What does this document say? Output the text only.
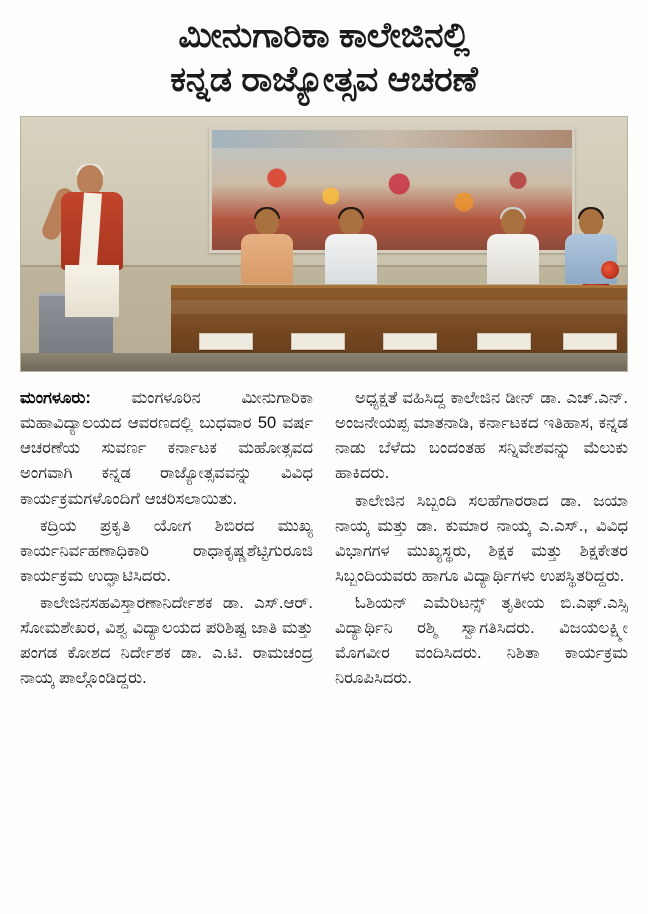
ಮೀನುಗಾರಿಕಾ ಕಾಲೇಜಿನಲ್ಲಿ
ಕನ್ನಡ ರಾಜ್ಯೋತ್ಸವ ಆಚರಣೆ

ಮಂಗಳೂರು: ಮಂಗಳೂರಿನ ಮೀನುಗಾರಿಕಾ ಮಹಾವಿದ್ಯಾಲಯದ ಆವರಣದಲ್ಲಿ ಬುಧವಾರ 50 ವರ್ಷ ಆಚರಣೆಯ ಸುವರ್ಣ ಕರ್ನಾಟಕ ಮಹೋತ್ಸವದ ಅಂಗವಾಗಿ ಕನ್ನಡ ರಾಜ್ಯೋತ್ಸವವನ್ನು ವಿವಿಧ ಕಾರ್ಯಕ್ರಮಗಳೊಂದಿಗೆ ಆಚರಿಸಲಾಯಿತು.

ಕದ್ರಿಯ ಪ್ರಕೃತಿ ಯೋಗ ಶಿಬಿರದ ಮುಖ್ಯ ಕಾರ್ಯನಿರ್ವಹಣಾಧಿಕಾರಿ ರಾಧಾಕೃಷ್ಣಶೆಟ್ಟಿಗುರೂಜಿ ಕಾರ್ಯಕ್ರಮ ಉದ್ಘಾಟಿಸಿದರು.

ಕಾಲೇಜಿನಸಹವಿಸ್ತಾರಣಾನಿರ್ದೇಶಕ ಡಾ. ಎಸ್.ಆರ್. ಸೋಮಶೇಖರ, ವಿಶ್ವ ವಿದ್ಯಾಲಯದ ಪರಿಶಿಷ್ಟ ಜಾತಿ ಮತ್ತು ಪಂಗಡ ಕೋಶದ ನಿರ್ದೇಶಕ ಡಾ. ಎ.ಟಿ. ರಾಮಚಂದ್ರ ನಾಯ್ಕ ಪಾಲ್ಗೊಂಡಿದ್ದರು.

ಅಧ್ಯಕ್ಷತೆ ವಹಿಸಿದ್ದ ಕಾಲೇಜಿನ ಡೀನ್ ಡಾ. ಎಚ್.ಎನ್. ಅಂಜನೇಯಪ್ಪ ಮಾತನಾಡಿ, ಕರ್ನಾಟಕದ ಇತಿಹಾಸ, ಕನ್ನಡ ನಾಡು ಬೆಳೆದು ಬಂದಂತಹ ಸನ್ನಿವೇಶವನ್ನು ಮೆಲುಕು ಹಾಕಿದರು.

ಕಾಲೇಜಿನ ಸಿಬ್ಬಂದಿ ಸಲಹೆಗಾರರಾದ ಡಾ. ಜಯಾ ನಾಯ್ಕ ಮತ್ತು ಡಾ. ಕುಮಾರ ನಾಯ್ಕ ಎ.ಎಸ್., ವಿವಿಧ ವಿಭಾಗಗಳ ಮುಖ್ಯಸ್ಥರು, ಶಿಕ್ಷಕ ಮತ್ತು ಶಿಕ್ಷಕೇತರ ಸಿಬ್ಬಂದಿಯವರು ಹಾಗೂ ವಿದ್ಯಾರ್ಥಿಗಳು ಉಪಸ್ಥಿತರಿದ್ದರು.

ಓಶಿಯನ್ ಎಮೆರಿಟನ್ಸ್ ತೃತೀಯ ಬಿ.ಎಫ್.ಎಸ್ಸಿ ವಿದ್ಯಾರ್ಥಿನಿ ರಶ್ಮಿ ಸ್ವಾಗತಿಸಿದರು. ವಿಜಯಲಕ್ಷ್ಮೀ ಮೊಗವೀರ ವಂದಿಸಿದರು. ನಿಶಿತಾ ಕಾರ್ಯಕ್ರಮ ನಿರೂಪಿಸಿದರು.
